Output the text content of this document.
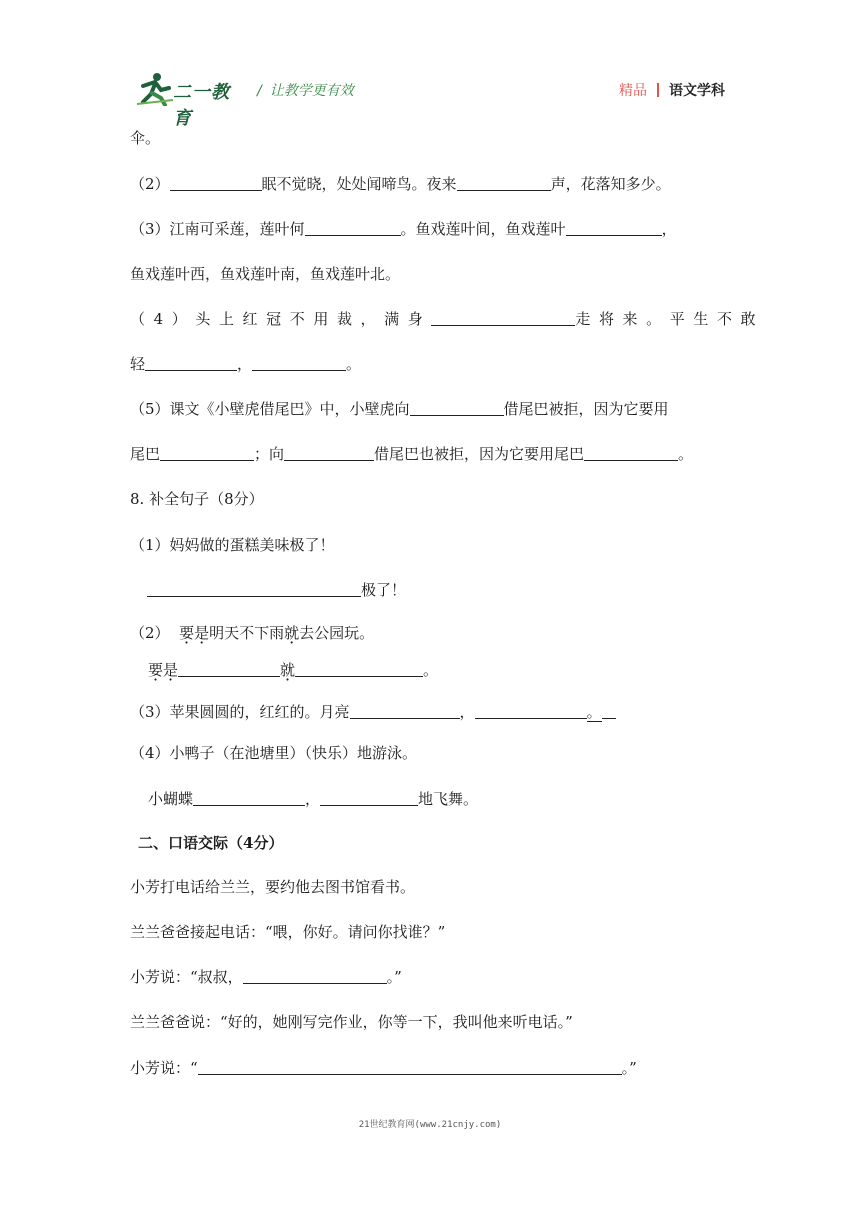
二一教育
/ 让教学更有效	精品 语文学科
伞。
（2）	眠不觉晓，处处闻啼鸟。夜来	声，花落知多少。
（3）江南可采莲，莲叶何	。鱼戏莲叶间，鱼戏莲叶	，
鱼戏莲叶西，鱼戏莲叶南，鱼戏莲叶北。
（4）头上红冠不用裁，满身	走将来。平生不敢
轻	，	。
（5）课文《小壁虎借尾巴》中，小壁虎向	借尾巴被拒，因为它要用
尾巴	；向	借尾巴也被拒，因为它要用尾巴	。
8. 补全句子（8分）
（1）妈妈做的蛋糕美味极了！
极了！
（2） 要是明天不下雨就去公园玩。
要是	就	。
（3）苹果圆圆的，红红的。月亮	，	。
（4）小鸭子（在池塘里）（快乐）地游泳。
小蝴蝶	，	地飞舞。
二、口语交际（4分）
小芳打电话给兰兰，要约他去图书馆看书。
兰兰爸爸接起电话：“喂，你好。请问你找谁？”
小芳说：“叔叔，	。”
兰兰爸爸说：“好的，她刚写完作业，你等一下，我叫他来听电话。”
小芳说：“	。”
21世纪教育网(www.21cnjy.com)
